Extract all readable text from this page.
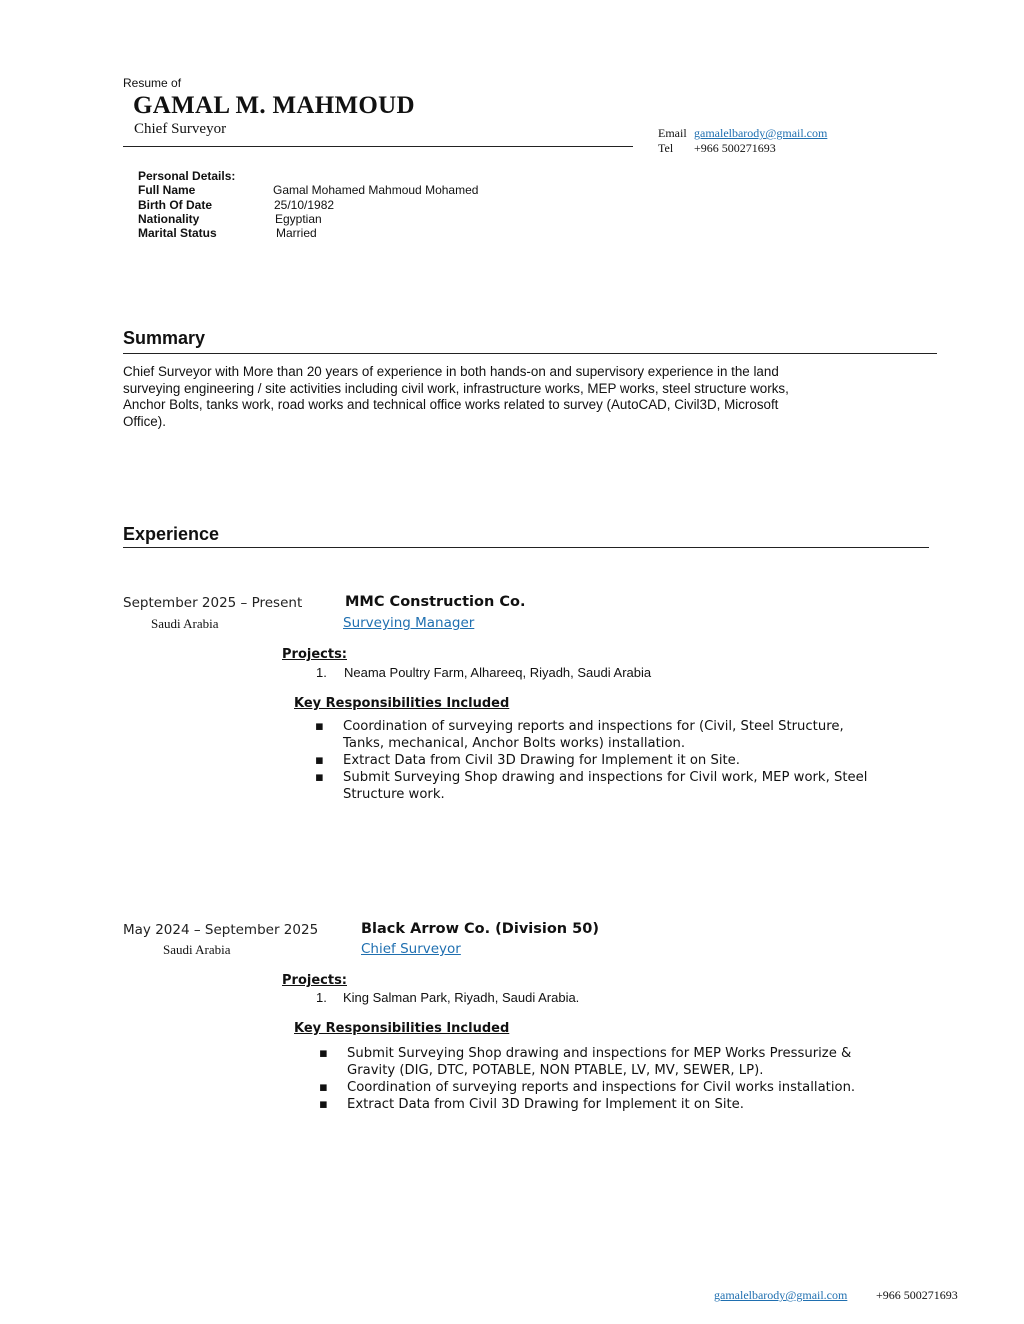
Resume of
GAMAL M. MAHMOUD
Chief Surveyor	Email gamalelbarody@gmail.com
Tel +966 500271693
Personal Details:
Full Name	Gamal Mohamed Mahmoud Mohamed
Birth Of Date	25/10/1982
Nationality	Egyptian
Marital Status	Married
Summary
Chief Surveyor with More than 20 years of experience in both hands-on and supervisory experience in the land
surveying engineering / site activities including civil work, infrastructure works, MEP works, steel structure works,
Anchor Bolts, tanks work, road works and technical office works related to survey (AutoCAD, Civil3D, Microsoft
Office).
Experience
September 2025 – Present
Saudi Arabia
MMC Construction Co.
Surveying Manager
Projects:
1. Neama Poultry Farm, Alhareeq, Riyadh, Saudi Arabia
Key Responsibilities Included
▪ Coordination of surveying reports and inspections for (Civil, Steel Structure,
Tanks, mechanical, Anchor Bolts works) installation.
▪ Extract Data from Civil 3D Drawing for Implement it on Site.
▪ Submit Surveying Shop drawing and inspections for Civil work, MEP work, Steel
Structure work.
May 2024 – September 2025
Saudi Arabia
Black Arrow Co. (Division 50)
Chief Surveyor
Projects:
1. King Salman Park, Riyadh, Saudi Arabia.
Key Responsibilities Included
▪ Submit Surveying Shop drawing and inspections for MEP Works Pressurize &
Gravity (DIG, DTC, POTABLE, NON PTABLE, LV, MV, SEWER, LP).
▪ Coordination of surveying reports and inspections for Civil works installation.
▪ Extract Data from Civil 3D Drawing for Implement it on Site.
gamalelbarody@gmail.com +966 500271693
